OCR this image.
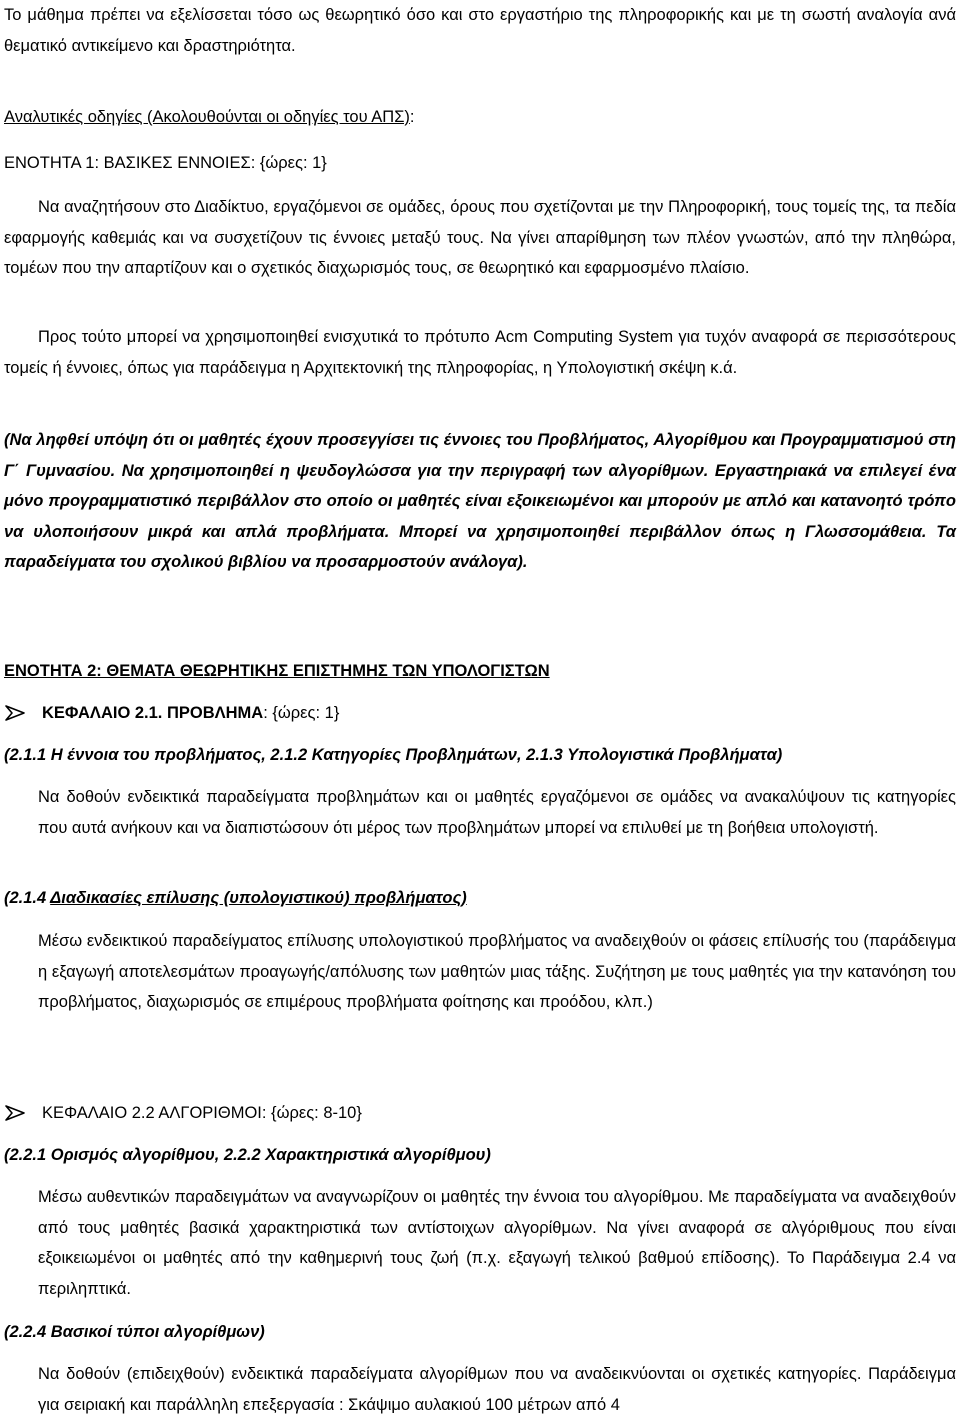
Το μάθημα πρέπει να εξελίσσεται τόσο ως θεωρητικό όσο και στο εργαστήριο της πληροφορικής και με τη σωστή αναλογία ανά θεματικό αντικείμενο και δραστηριότητα.

Αναλυτικές οδηγίες (Ακολουθούνται οι οδηγίες του ΑΠΣ):

ΕΝΟΤΗΤΑ 1: ΒΑΣΙΚΕΣ ΕΝΝΟΙΕΣ: {ώρες: 1}

Να αναζητήσουν στο Διαδίκτυο, εργαζόμενοι σε ομάδες, όρους που σχετίζονται με την Πληροφορική, τους τομείς της, τα πεδία εφαρμογής καθεμιάς και να συσχετίζουν τις έννοιες μεταξύ τους. Να γίνει απαρίθμηση των πλέον γνωστών, από την πληθώρα, τομέων που την απαρτίζουν και ο σχετικός διαχωρισμός τους, σε θεωρητικό και εφαρμοσμένο πλαίσιο.

Προς τούτο μπορεί να χρησιμοποιηθεί ενισχυτικά το πρότυπο Acm Computing System για τυχόν αναφορά σε περισσότερους τομείς ή έννοιες, όπως για παράδειγμα η Αρχιτεκτονική της πληροφορίας, η Υπολογιστική σκέψη κ.ά.

(Να ληφθεί υπόψη ότι οι μαθητές έχουν προσεγγίσει τις έννοιες του Προβλήματος, Αλγορίθμου και Προγραμματισμού στη Γ΄ Γυμνασίου. Να χρησιμοποιηθεί η ψευδογλώσσα για την περιγραφή των αλγορίθμων. Εργαστηριακά να επιλεγεί ένα μόνο προγραμματιστικό περιβάλλον στο οποίο οι μαθητές είναι εξοικειωμένοι και μπορούν με απλό και κατανοητό τρόπο να υλοποιήσουν μικρά και απλά προβλήματα. Μπορεί να χρησιμοποιηθεί περιβάλλον όπως η Γλωσσομάθεια. Τα παραδείγματα του σχολικού βιβλίου να προσαρμοστούν ανάλογα).

ΕΝΟΤΗΤΑ 2: ΘΕΜΑΤΑ ΘΕΩΡΗΤΙΚΗΣ ΕΠΙΣΤΗΜΗΣ ΤΩΝ ΥΠΟΛΟΓΙΣΤΩΝ

ΚΕΦΑΛΑΙΟ 2.1. ΠΡΟΒΛΗΜΑ: {ώρες: 1}

(2.1.1 Η έννοια του προβλήματος, 2.1.2 Κατηγορίες Προβλημάτων, 2.1.3 Υπολογιστικά Προβλήματα)

Να δοθούν ενδεικτικά παραδείγματα προβλημάτων και οι μαθητές εργαζόμενοι σε ομάδες να ανακαλύψουν τις κατηγορίες που αυτά ανήκουν και να διαπιστώσουν ότι μέρος των προβλημάτων μπορεί να επιλυθεί με τη βοήθεια υπολογιστή.

(2.1.4 Διαδικασίες επίλυσης (υπολογιστικού) προβλήματος)

Μέσω ενδεικτικού παραδείγματος επίλυσης υπολογιστικού προβλήματος να αναδειχθούν οι φάσεις επίλυσής του (παράδειγμα η εξαγωγή αποτελεσμάτων προαγωγής/απόλυσης των μαθητών μιας τάξης. Συζήτηση με τους μαθητές για την κατανόηση του προβλήματος, διαχωρισμός σε επιμέρους προβλήματα φοίτησης και προόδου, κλπ.)

ΚΕΦΑΛΑΙΟ 2.2 ΑΛΓΟΡΙΘΜΟΙ: {ώρες: 8-10}

(2.2.1 Ορισμός αλγορίθμου, 2.2.2 Χαρακτηριστικά αλγορίθμου)

Μέσω αυθεντικών παραδειγμάτων να αναγνωρίζουν οι μαθητές την έννοια του αλγορίθμου. Με παραδείγματα να αναδειχθούν από τους μαθητές βασικά χαρακτηριστικά των αντίστοιχων αλγορίθμων. Να γίνει αναφορά σε αλγόριθμους που είναι εξοικειωμένοι οι μαθητές από την καθημερινή τους ζωή (π.χ. εξαγωγή τελικού βαθμού επίδοσης). Το Παράδειγμα 2.4 να περιληπτικά.

(2.2.4 Βασικοί τύποι αλγορίθμων)

Να δοθούν (επιδειχθούν) ενδεικτικά παραδείγματα αλγορίθμων που να αναδεικνύονται οι σχετικές κατηγορίες. Παράδειγμα για σειριακή και παράλληλη επεξεργασία : Σκάψιμο αυλακιού 100 μέτρων από 4
